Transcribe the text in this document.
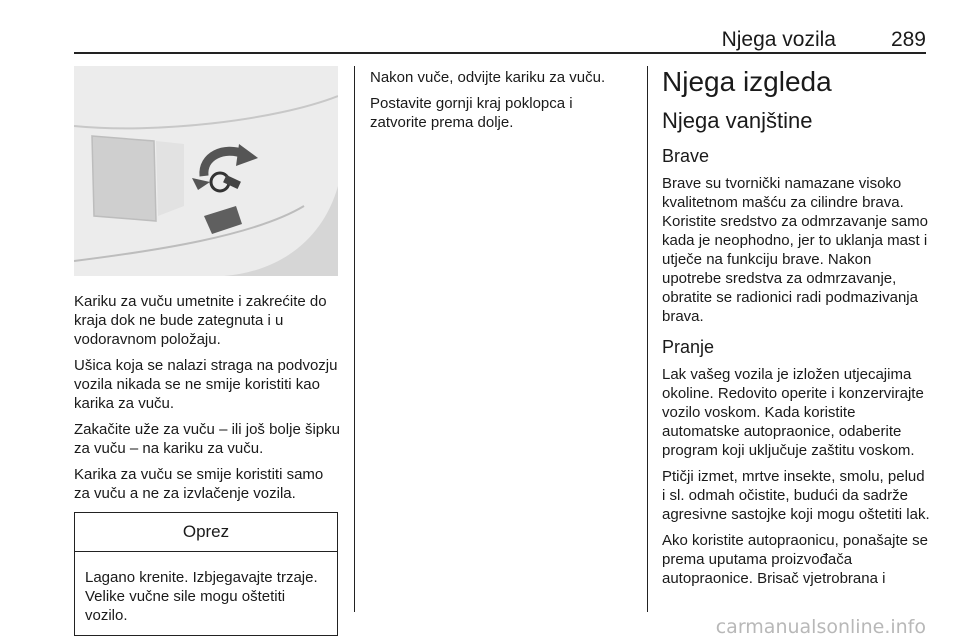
Njega vozila	289

Kariku za vuču umetnite i zakrećite do kraja dok ne bude zategnuta i u vodoravnom položaju.

Ušica koja se nalazi straga na podvozju vozila nikada se ne smije koristiti kao karika za vuču.

Zakačite uže za vuču – ili još bolje šipku za vuču – na kariku za vuču.

Karika za vuču se smije koristiti samo za vuču a ne za izvlačenje vozila.

Oprez
Lagano krenite. Izbjegavajte trzaje. Velike vučne sile mogu oštetiti vozilo.

Nakon vuče, odvijte kariku za vuču.

Postavite gornji kraj poklopca i zatvorite prema dolje.

Njega izgleda
Njega vanjštine
Brave

Brave su tvornički namazane visoko kvalitetnom mašću za cilindre brava. Koristite sredstvo za odmrzavanje samo kada je neophodno, jer to uklanja mast i utječe na funkciju brave. Nakon upotrebe sredstva za odmrzavanje, obratite se radionici radi podmazivanja brava.

Pranje

Lak vašeg vozila je izložen utjecajima okoline. Redovito operite i konzervirajte vozilo voskom. Kada koristite automatske autopraonice, odaberite program koji uključuje zaštitu voskom.

Ptičji izmet, mrtve insekte, smolu, pelud i sl. odmah očistite, budući da sadrže agresivne sastojke koji mogu oštetiti lak.

Ako koristite autopraonicu, ponašajte se prema uputama proizvođača autopraonice. Brisač vjetrobrana i

carmanualsonline.info
